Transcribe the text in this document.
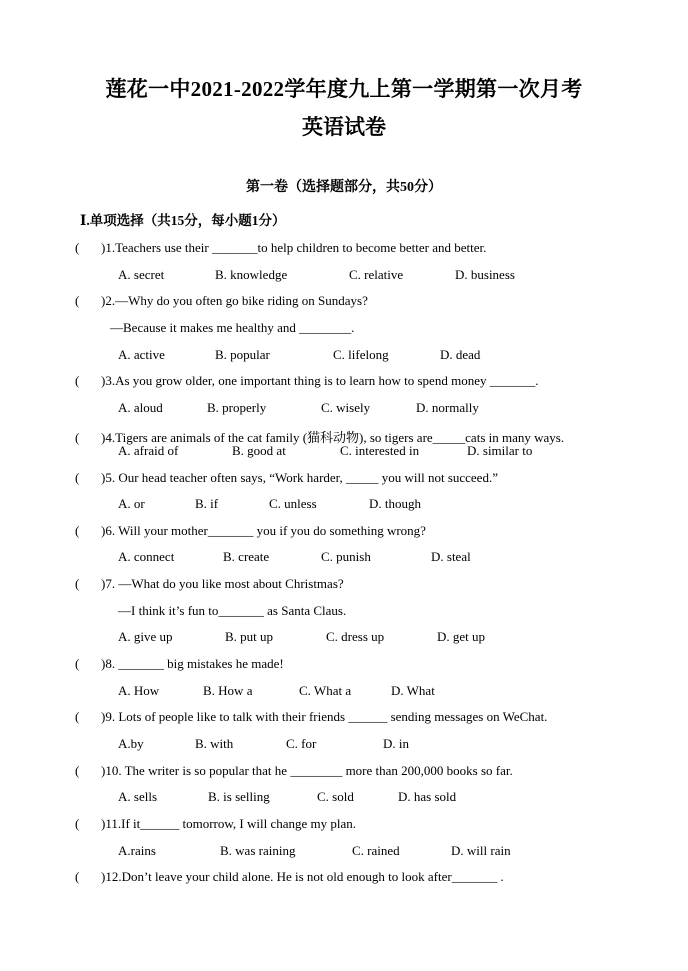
莲花一中2021-2022学年度九上第一学期第一次月考
英语试卷
第一卷（选择题部分，共50分）
Ⅰ.单项选择（共15分，每小题1分）
( )1.Teachers use their _______to help children to become better and better.
A. secret	B. knowledge	C. relative	D. business
( )2.—Why do you often go bike riding on Sundays?
—Because it makes me healthy and ________.
A. active	B. popular	C. lifelong	D. dead
( )3.As you grow older, one important thing is to learn how to spend money _______.
A. aloud	B. properly	C. wisely	D. normally
( )4.Tigers are animals of the cat family (猫科动物), so tigers are_____cats in many ways.
A. afraid of	B. good at	C. interested in	D. similar to
( )5. Our head teacher often says, “Work harder, _____ you will not succeed.”
A. or	B. if	C. unless	D. though
( )6. Will your mother_______ you if you do something wrong?
A. connect	B. create	C. punish	D. steal
( )7. —What do you like most about Christmas?
—I think it’s fun to_______ as Santa Claus.
A. give up	B. put up	C. dress up	D. get up
( )8. _______ big mistakes he made!
A. How	B. How a	C. What a	D. What
( )9. Lots of people like to talk with their friends ______ sending messages on WeChat.
A.by	B. with	C. for	D. in
( )10. The writer is so popular that he ________ more than 200,000 books so far.
A. sells	B. is selling	C. sold	D. has sold
( )11.If it______ tomorrow, I will change my plan.
A.rains	B. was raining	C. rained	D. will rain
( )12.Don’t leave your child alone. He is not old enough to look after_______ .
